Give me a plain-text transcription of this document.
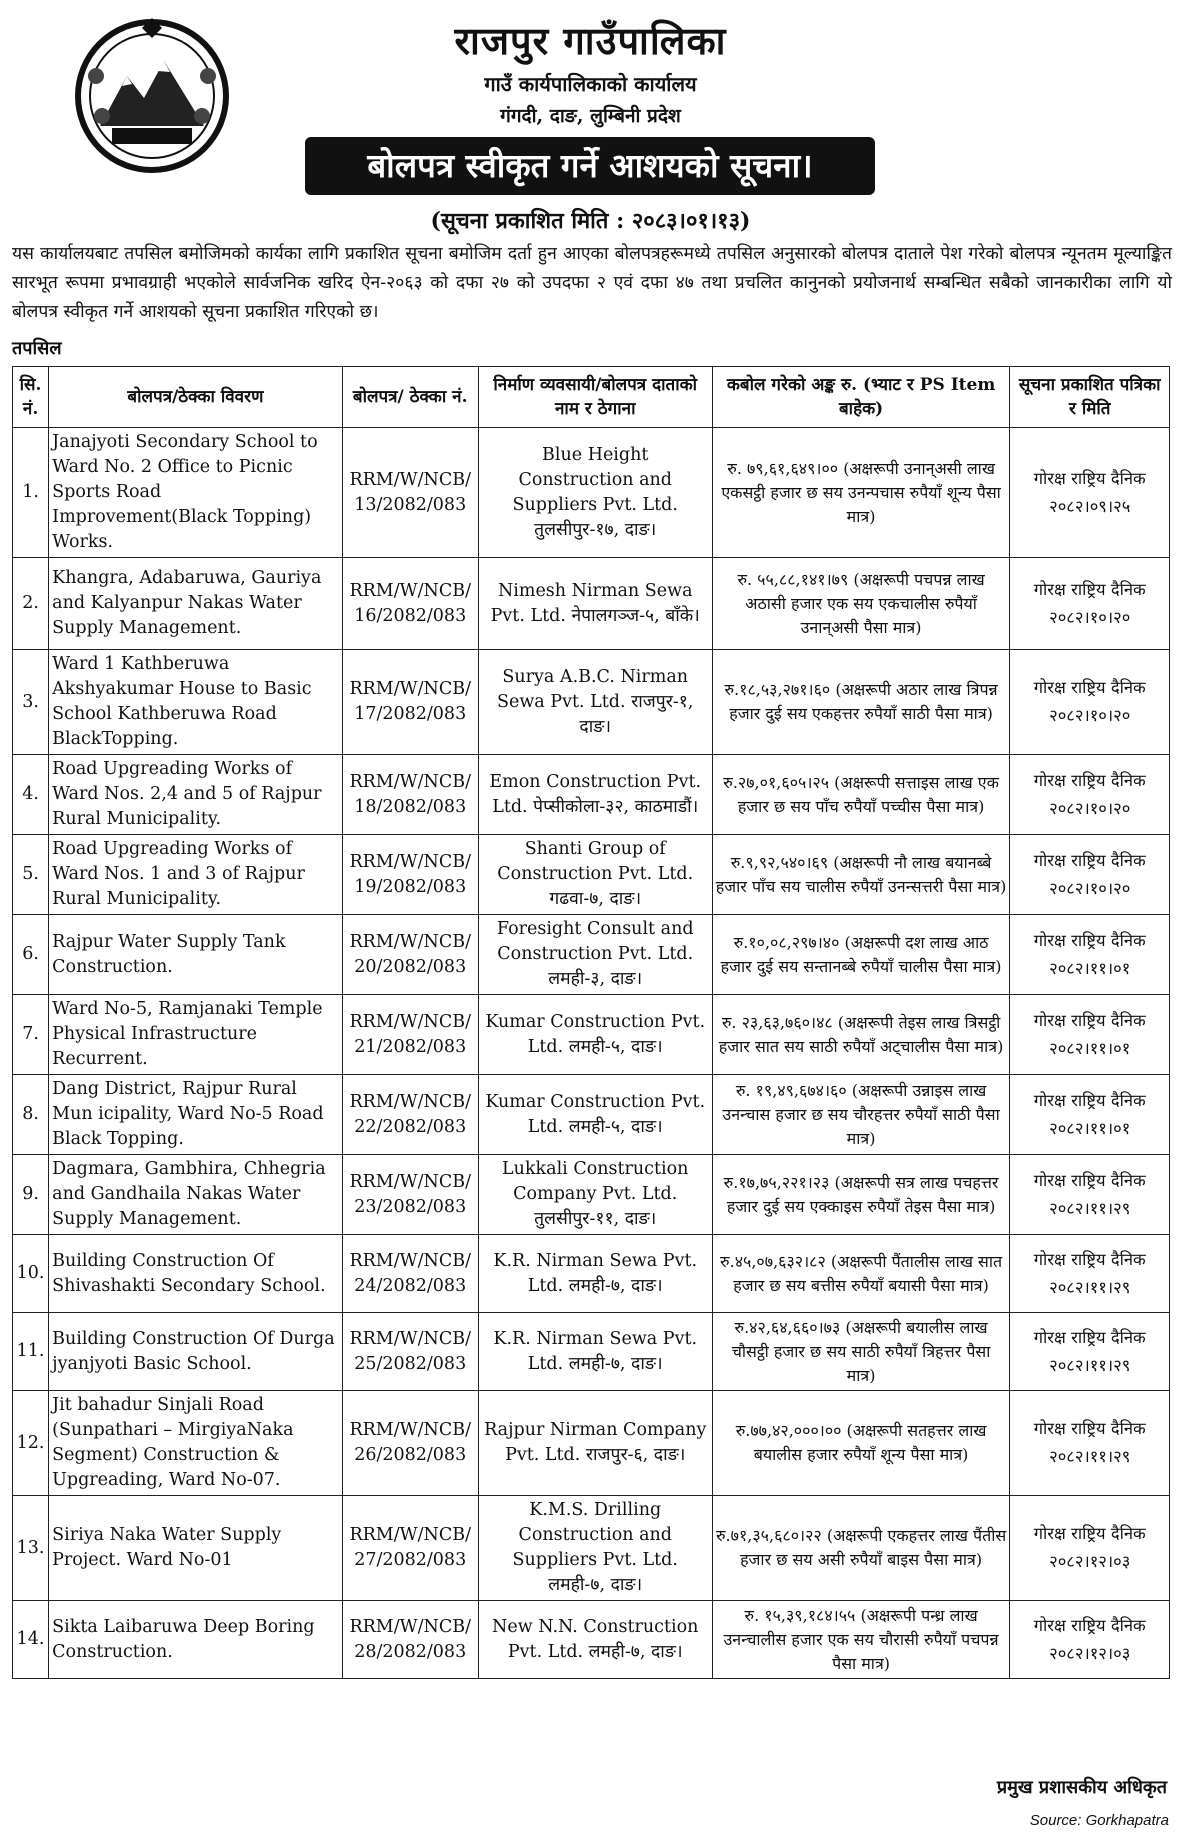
राजपुर गाउँपालिका
गाउँ कार्यपालिकाको कार्यालय
गंगदी, दाङ, लुम्बिनी प्रदेश
बोलपत्र स्वीकृत गर्ने आशयको सूचना।
(सूचना प्रकाशित मिति : २०८३।०१।१३)
यस कार्यालयबाट तपसिल बमोजिमको कार्यका लागि प्रकाशित सूचना बमोजिम दर्ता हुन आएका बोलपत्रहरूमध्ये तपसिल अनुसारको बोलपत्र दाताले पेश गरेको बोलपत्र न्यूनतम मूल्याङ्कित सारभूत रूपमा प्रभावग्राही भएकोले सार्वजनिक खरिद ऐन-२०६३ को दफा २७ को उपदफा २ एवं दफा ४७ तथा प्रचलित कानुनको प्रयोजनार्थ सम्बन्धित सबैको जानकारीका लागि यो बोलपत्र स्वीकृत गर्ने आशयको सूचना प्रकाशित गरिएको छ।
तपसिल
सि. नं.	बोलपत्र/ठेक्का विवरण	बोलपत्र/ ठेक्का नं.	निर्माण व्यवसायी/बोलपत्र दाताको नाम र ठेगाना	कबोल गरेको अङ्क रु. (भ्याट र PS Item बाहेक)	सूचना प्रकाशित पत्रिका र मिति
1.	Janajyoti Secondary School to Ward No. 2 Office to Picnic Sports Road Improvement(Black Topping) Works.	RRM/W/NCB/ 13/2082/083	Blue Height Construction and Suppliers Pvt. Ltd. तुलसीपुर-१७, दाङ।	रु. ७९,६१,६४९।०० (अक्षरूपी उनान्असी लाख एकसट्ठी हजार छ सय उनन्पचास रुपैयाँ शून्य पैसा मात्र)	गोरक्ष राष्ट्रिय दैनिक २०८२।०९।२५
2.	Khangra, Adabaruwa, Gauriya and Kalyanpur Nakas Water Supply Management.	RRM/W/NCB/ 16/2082/083	Nimesh Nirman Sewa Pvt. Ltd. नेपालगञ्ज-५, बाँके।	रु. ५५,८८,१४१।७९ (अक्षरूपी पचपन्न लाख अठासी हजार एक सय एकचालीस रुपैयाँ उनान्असी पैसा मात्र)	गोरक्ष राष्ट्रिय दैनिक २०८२।१०।२०
3.	Ward 1 Kathberuwa Akshyakumar House to Basic School Kathberuwa Road BlackTopping.	RRM/W/NCB/ 17/2082/083	Surya A.B.C. Nirman Sewa Pvt. Ltd. राजपुर-१, दाङ।	रु.१८,५३,२७१।६० (अक्षरूपी अठार लाख त्रिपन्न हजार दुई सय एकहत्तर रुपैयाँ साठी पैसा मात्र)	गोरक्ष राष्ट्रिय दैनिक २०८२।१०।२०
4.	Road Upgreading Works of Ward Nos. 2,4 and 5 of Rajpur Rural Municipality.	RRM/W/NCB/ 18/2082/083	Emon Construction Pvt. Ltd. पेप्सीकोला-३२, काठमाडौं।	रु.२७,०१,६०५।२५ (अक्षरूपी सत्ताइस लाख एक हजार छ सय पाँच रुपैयाँ पच्चीस पैसा मात्र)	गोरक्ष राष्ट्रिय दैनिक २०८२।१०।२०
5.	Road Upgreading Works of Ward Nos. 1 and 3 of Rajpur Rural Municipality.	RRM/W/NCB/ 19/2082/083	Shanti Group of Construction Pvt. Ltd. गढवा-७, दाङ।	रु.९,९२,५४०।६९ (अक्षरूपी नौ लाख बयानब्बे हजार पाँच सय चालीस रुपैयाँ उनन्सत्तरी पैसा मात्र)	गोरक्ष राष्ट्रिय दैनिक २०८२।१०।२०
6.	Rajpur Water Supply Tank Construction.	RRM/W/NCB/ 20/2082/083	Foresight Consult and Construction Pvt. Ltd. लमही-३, दाङ।	रु.१०,०८,२९७।४० (अक्षरूपी दश लाख आठ हजार दुई सय सन्तानब्बे रुपैयाँ चालीस पैसा मात्र)	गोरक्ष राष्ट्रिय दैनिक २०८२।११।०१
7.	Ward No-5, Ramjanaki Temple Physical Infrastructure Recurrent.	RRM/W/NCB/ 21/2082/083	Kumar Construction Pvt. Ltd. लमही-५, दाङ।	रु. २३,६३,७६०।४८ (अक्षरूपी तेइस लाख त्रिसट्ठी हजार सात सय साठी रुपैयाँ अट्चालीस पैसा मात्र)	गोरक्ष राष्ट्रिय दैनिक २०८२।११।०१
8.	Dang District, Rajpur Rural Mun icipality, Ward No-5 Road Black Topping.	RRM/W/NCB/ 22/2082/083	Kumar Construction Pvt. Ltd. लमही-५, दाङ।	रु. १९,४९,६७४।६० (अक्षरूपी उन्नाइस लाख उनन्चास हजार छ सय चौरहत्तर रुपैयाँ साठी पैसा मात्र)	गोरक्ष राष्ट्रिय दैनिक २०८२।११।०१
9.	Dagmara, Gambhira, Chhegria and Gandhaila Nakas Water Supply Management.	RRM/W/NCB/ 23/2082/083	Lukkali Construction Company Pvt. Ltd. तुलसीपुर-११, दाङ।	रु.१७,७५,२२१।२३ (अक्षरूपी सत्र लाख पचहत्तर हजार दुई सय एक्काइस रुपैयाँ तेइस पैसा मात्र)	गोरक्ष राष्ट्रिय दैनिक २०८२।११।२९
10.	Building Construction Of Shivashakti Secondary School.	RRM/W/NCB/ 24/2082/083	K.R. Nirman Sewa Pvt. Ltd. लमही-७, दाङ।	रु.४५,०७,६३२।८२ (अक्षरूपी पैंतालीस लाख सात हजार छ सय बत्तीस रुपैयाँ बयासी पैसा मात्र)	गोरक्ष राष्ट्रिय दैनिक २०८२।११।२९
11.	Building Construction Of Durga jyanjyoti Basic School.	RRM/W/NCB/ 25/2082/083	K.R. Nirman Sewa Pvt. Ltd. लमही-७, दाङ।	रु.४२,६४,६६०।७३ (अक्षरूपी बयालीस लाख चौसट्ठी हजार छ सय साठी रुपैयाँ त्रिहत्तर पैसा मात्र)	गोरक्ष राष्ट्रिय दैनिक २०८२।११।२९
12.	Jit bahadur Sinjali Road (Sunpathari – MirgiyaNaka Segment) Construction & Upgreading, Ward No-07.	RRM/W/NCB/ 26/2082/083	Rajpur Nirman Company Pvt. Ltd. राजपुर-६, दाङ।	रु.७७,४२,०००।०० (अक्षरूपी सतहत्तर लाख बयालीस हजार रुपैयाँ शून्य पैसा मात्र)	गोरक्ष राष्ट्रिय दैनिक २०८२।११।२९
13.	Siriya Naka Water Supply Project. Ward No-01	RRM/W/NCB/ 27/2082/083	K.M.S. Drilling Construction and Suppliers Pvt. Ltd. लमही-७, दाङ।	रु.७१,३५,६८०।२२ (अक्षरूपी एकहत्तर लाख पैंतीस हजार छ सय असी रुपैयाँ बाइस पैसा मात्र)	गोरक्ष राष्ट्रिय दैनिक २०८२।१२।०३
14.	Sikta Laibaruwa Deep Boring Construction.	RRM/W/NCB/ 28/2082/083	New N.N. Construction Pvt. Ltd. लमही-७, दाङ।	रु. १५,३९,१८४।५५ (अक्षरूपी पन्ध्र लाख उनन्चालीस हजार एक सय चौरासी रुपैयाँ पचपन्न पैसा मात्र)	गोरक्ष राष्ट्रिय दैनिक २०८२।१२।०३
प्रमुख प्रशासकीय अधिकृत
Source: Gorkhapatra
